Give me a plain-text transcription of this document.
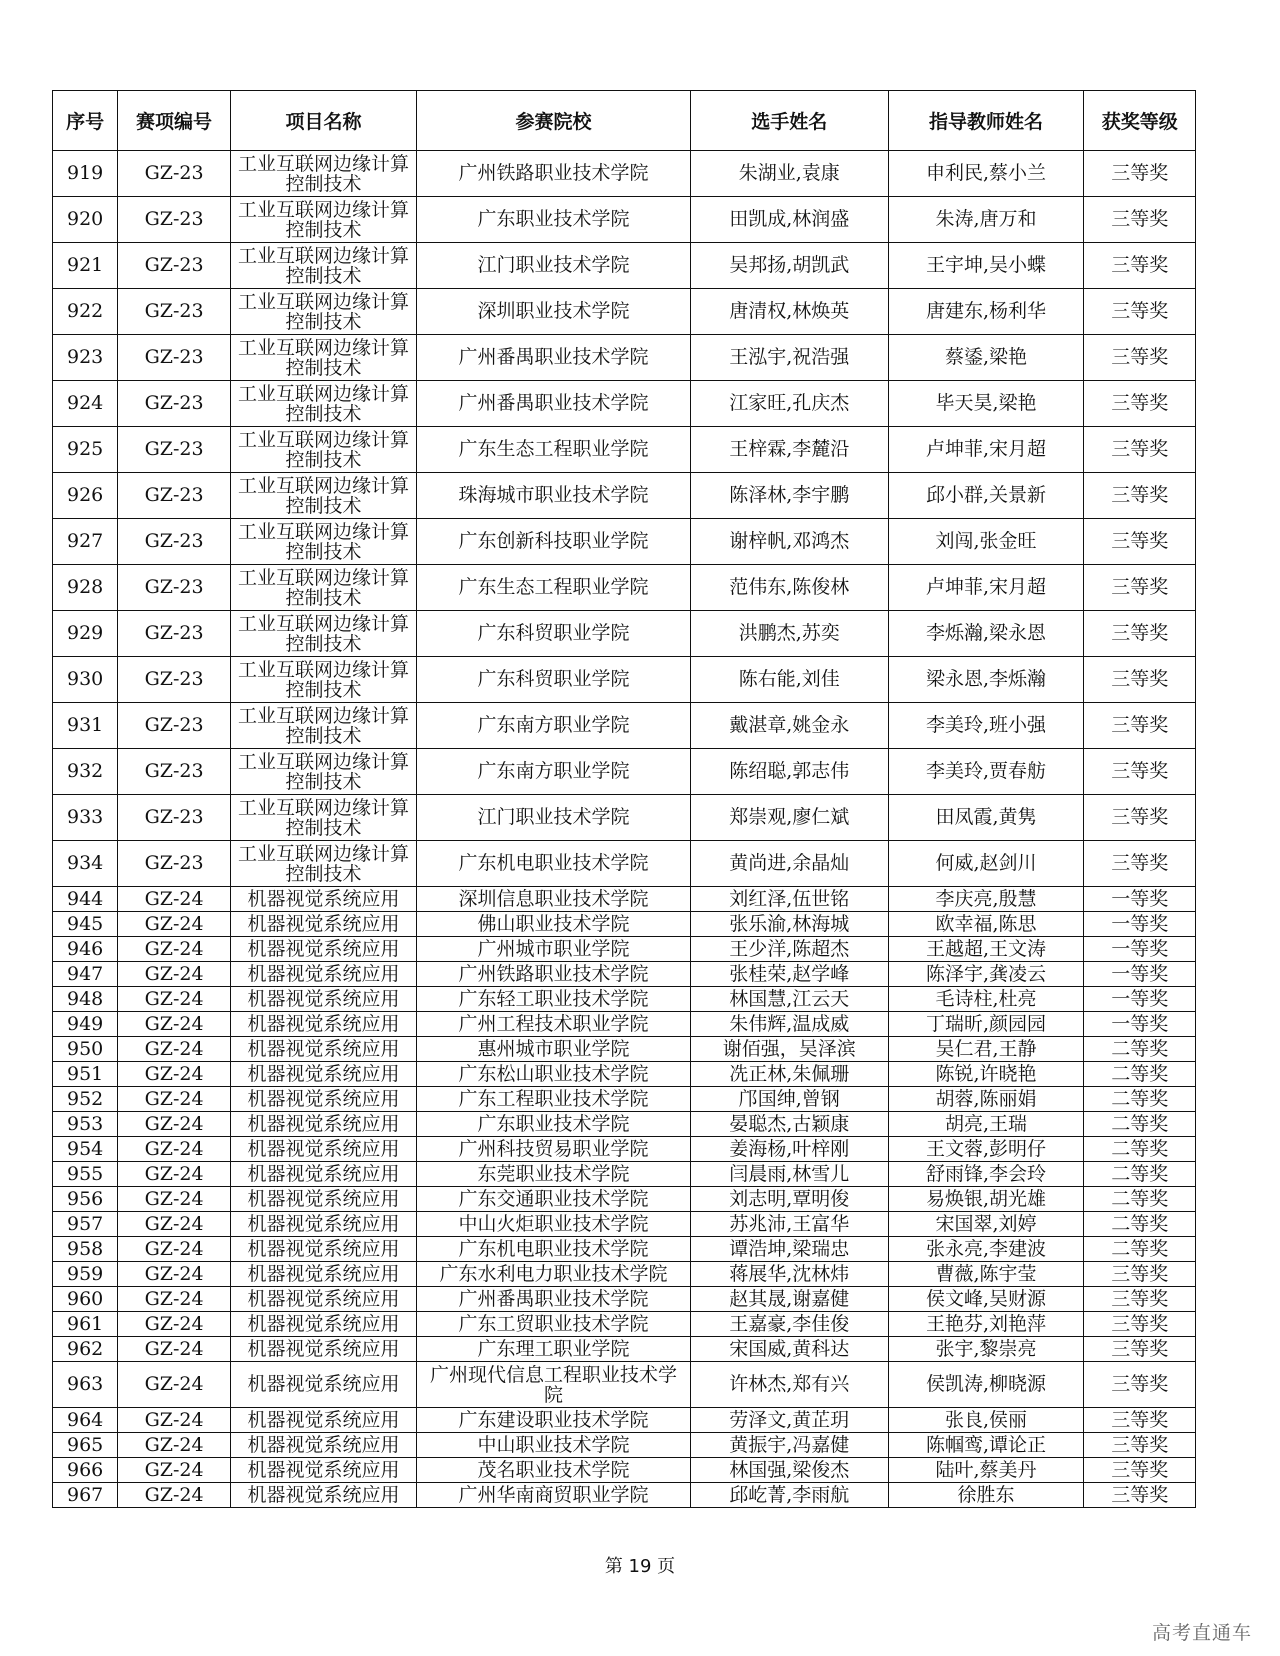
序号	赛项编号	项目名称	参赛院校	选手姓名	指导教师姓名	获奖等级
919	GZ-23	工业互联网边缘计算控制技术	广州铁路职业技术学院	朱湖业,袁康	申利民,蔡小兰	三等奖
920	GZ-23	工业互联网边缘计算控制技术	广东职业技术学院	田凯成,林润盛	朱涛,唐万和	三等奖
921	GZ-23	工业互联网边缘计算控制技术	江门职业技术学院	吴邦扬,胡凯武	王宇坤,吴小蝶	三等奖
922	GZ-23	工业互联网边缘计算控制技术	深圳职业技术学院	唐清权,林焕英	唐建东,杨利华	三等奖
923	GZ-23	工业互联网边缘计算控制技术	广州番禺职业技术学院	王泓宇,祝浩强	蔡鋈,梁艳	三等奖
924	GZ-23	工业互联网边缘计算控制技术	广州番禺职业技术学院	江家旺,孔庆杰	毕天昊,梁艳	三等奖
925	GZ-23	工业互联网边缘计算控制技术	广东生态工程职业学院	王梓霖,李麓沿	卢坤菲,宋月超	三等奖
926	GZ-23	工业互联网边缘计算控制技术	珠海城市职业技术学院	陈泽林,李宇鹏	邱小群,关景新	三等奖
927	GZ-23	工业互联网边缘计算控制技术	广东创新科技职业学院	谢梓帆,邓鸿杰	刘闯,张金旺	三等奖
928	GZ-23	工业互联网边缘计算控制技术	广东生态工程职业学院	范伟东,陈俊林	卢坤菲,宋月超	三等奖
929	GZ-23	工业互联网边缘计算控制技术	广东科贸职业学院	洪鹏杰,苏奕	李烁瀚,梁永恩	三等奖
930	GZ-23	工业互联网边缘计算控制技术	广东科贸职业学院	陈右能,刘佳	梁永恩,李烁瀚	三等奖
931	GZ-23	工业互联网边缘计算控制技术	广东南方职业学院	戴湛章,姚金永	李美玲,班小强	三等奖
932	GZ-23	工业互联网边缘计算控制技术	广东南方职业学院	陈绍聪,郭志伟	李美玲,贾春舫	三等奖
933	GZ-23	工业互联网边缘计算控制技术	江门职业技术学院	郑崇观,廖仁斌	田凤霞,黄隽	三等奖
934	GZ-23	工业互联网边缘计算控制技术	广东机电职业技术学院	黄尚进,余晶灿	何威,赵剑川	三等奖
944	GZ-24	机器视觉系统应用	深圳信息职业技术学院	刘红泽,伍世铭	李庆亮,殷慧	一等奖
945	GZ-24	机器视觉系统应用	佛山职业技术学院	张乐渝,林海城	欧幸福,陈思	一等奖
946	GZ-24	机器视觉系统应用	广州城市职业学院	王少洋,陈超杰	王越超,王文涛	一等奖
947	GZ-24	机器视觉系统应用	广州铁路职业技术学院	张桂荣,赵学峰	陈泽宇,龚凌云	一等奖
948	GZ-24	机器视觉系统应用	广东轻工职业技术学院	林国慧,江云天	毛诗柱,杜亮	一等奖
949	GZ-24	机器视觉系统应用	广州工程技术职业学院	朱伟辉,温成威	丁瑞昕,颜园园	一等奖
950	GZ-24	机器视觉系统应用	惠州城市职业学院	谢佰强，吴泽滨	吴仁君,王静	二等奖
951	GZ-24	机器视觉系统应用	广东松山职业技术学院	冼正林,朱佩珊	陈锐,许晓艳	二等奖
952	GZ-24	机器视觉系统应用	广东工程职业技术学院	邝国绅,曾钢	胡蓉,陈丽娟	二等奖
953	GZ-24	机器视觉系统应用	广东职业技术学院	晏聪杰,古颖康	胡亮,王瑞	二等奖
954	GZ-24	机器视觉系统应用	广州科技贸易职业学院	姜海杨,叶梓刚	王文蓉,彭明仔	二等奖
955	GZ-24	机器视觉系统应用	东莞职业技术学院	闫晨雨,林雪儿	舒雨锋,李会玲	二等奖
956	GZ-24	机器视觉系统应用	广东交通职业技术学院	刘志明,覃明俊	易焕银,胡光雄	二等奖
957	GZ-24	机器视觉系统应用	中山火炬职业技术学院	苏兆沛,王富华	宋国翠,刘婷	二等奖
958	GZ-24	机器视觉系统应用	广东机电职业技术学院	谭浩坤,梁瑞忠	张永亮,李建波	二等奖
959	GZ-24	机器视觉系统应用	广东水利电力职业技术学院	蒋展华,沈林炜	曹薇,陈宇莹	三等奖
960	GZ-24	机器视觉系统应用	广州番禺职业技术学院	赵其晟,谢嘉健	侯文峰,吴财源	三等奖
961	GZ-24	机器视觉系统应用	广东工贸职业技术学院	王嘉豪,李佳俊	王艳芬,刘艳萍	三等奖
962	GZ-24	机器视觉系统应用	广东理工职业学院	宋国威,黄科达	张宇,黎崇亮	三等奖
963	GZ-24	机器视觉系统应用	广州现代信息工程职业技术学院	许林杰,郑有兴	侯凯涛,柳晓源	三等奖
964	GZ-24	机器视觉系统应用	广东建设职业技术学院	劳泽文,黄芷玥	张良,侯丽	三等奖
965	GZ-24	机器视觉系统应用	中山职业技术学院	黄振宇,冯嘉健	陈帼鸾,谭论正	三等奖
966	GZ-24	机器视觉系统应用	茂名职业技术学院	林国强,梁俊杰	陆叶,蔡美丹	三等奖
967	GZ-24	机器视觉系统应用	广州华南商贸职业学院	邱屹菁,李雨航	徐胜东	三等奖
第 19 页
高考直通车
